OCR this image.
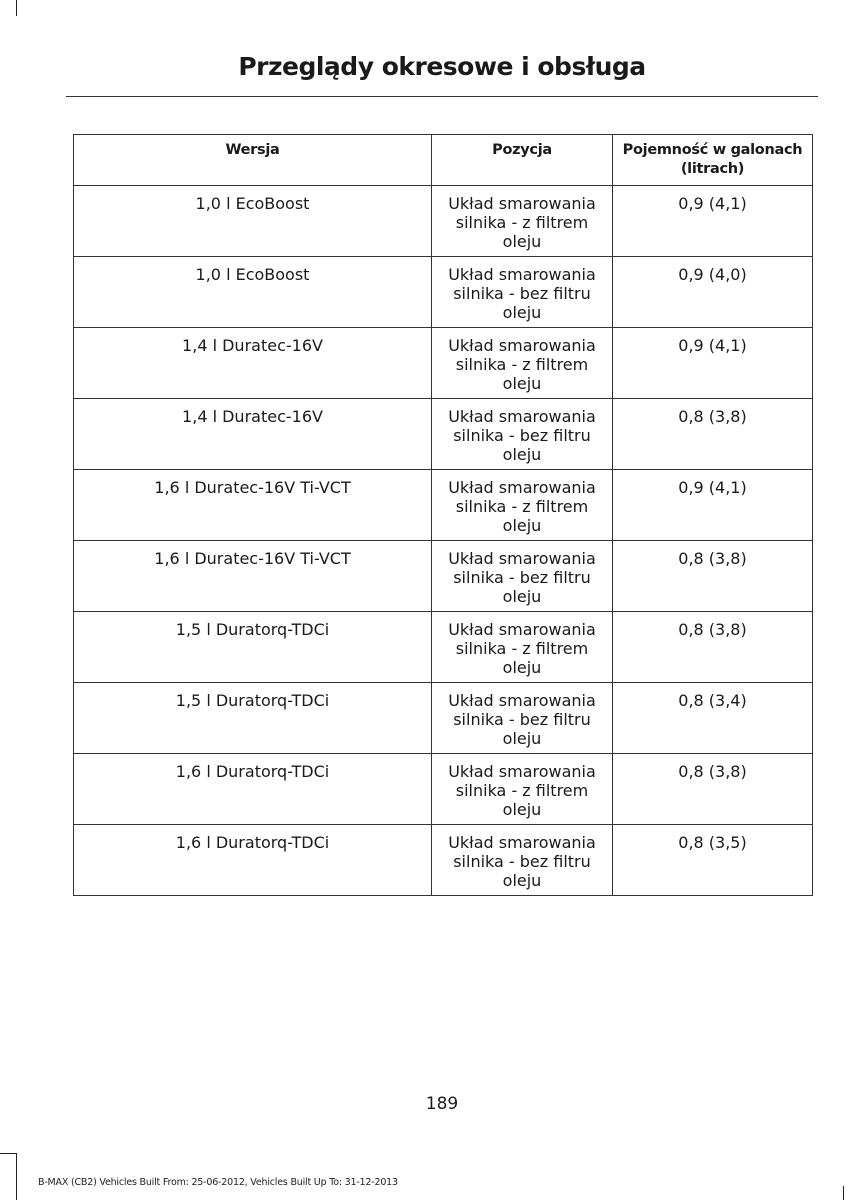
Przeglądy okresowe i obsługa
Wersja	Pozycja	Pojemność w galonach (litrach)
1,0 l EcoBoost	Układ smarowania silnika - z filtrem oleju	0,9 (4,1)
1,0 l EcoBoost	Układ smarowania silnika - bez filtru oleju	0,9 (4,0)
1,4 l Duratec-16V	Układ smarowania silnika - z filtrem oleju	0,9 (4,1)
1,4 l Duratec-16V	Układ smarowania silnika - bez filtru oleju	0,8 (3,8)
1,6 l Duratec-16V Ti-VCT	Układ smarowania silnika - z filtrem oleju	0,9 (4,1)
1,6 l Duratec-16V Ti-VCT	Układ smarowania silnika - bez filtru oleju	0,8 (3,8)
1,5 l Duratorq-TDCi	Układ smarowania silnika - z filtrem oleju	0,8 (3,8)
1,5 l Duratorq-TDCi	Układ smarowania silnika - bez filtru oleju	0,8 (3,4)
1,6 l Duratorq-TDCi	Układ smarowania silnika - z filtrem oleju	0,8 (3,8)
1,6 l Duratorq-TDCi	Układ smarowania silnika - bez filtru oleju	0,8 (3,5)
189
B-MAX (CB2) Vehicles Built From: 25-06-2012, Vehicles Built Up To: 31-12-2013
